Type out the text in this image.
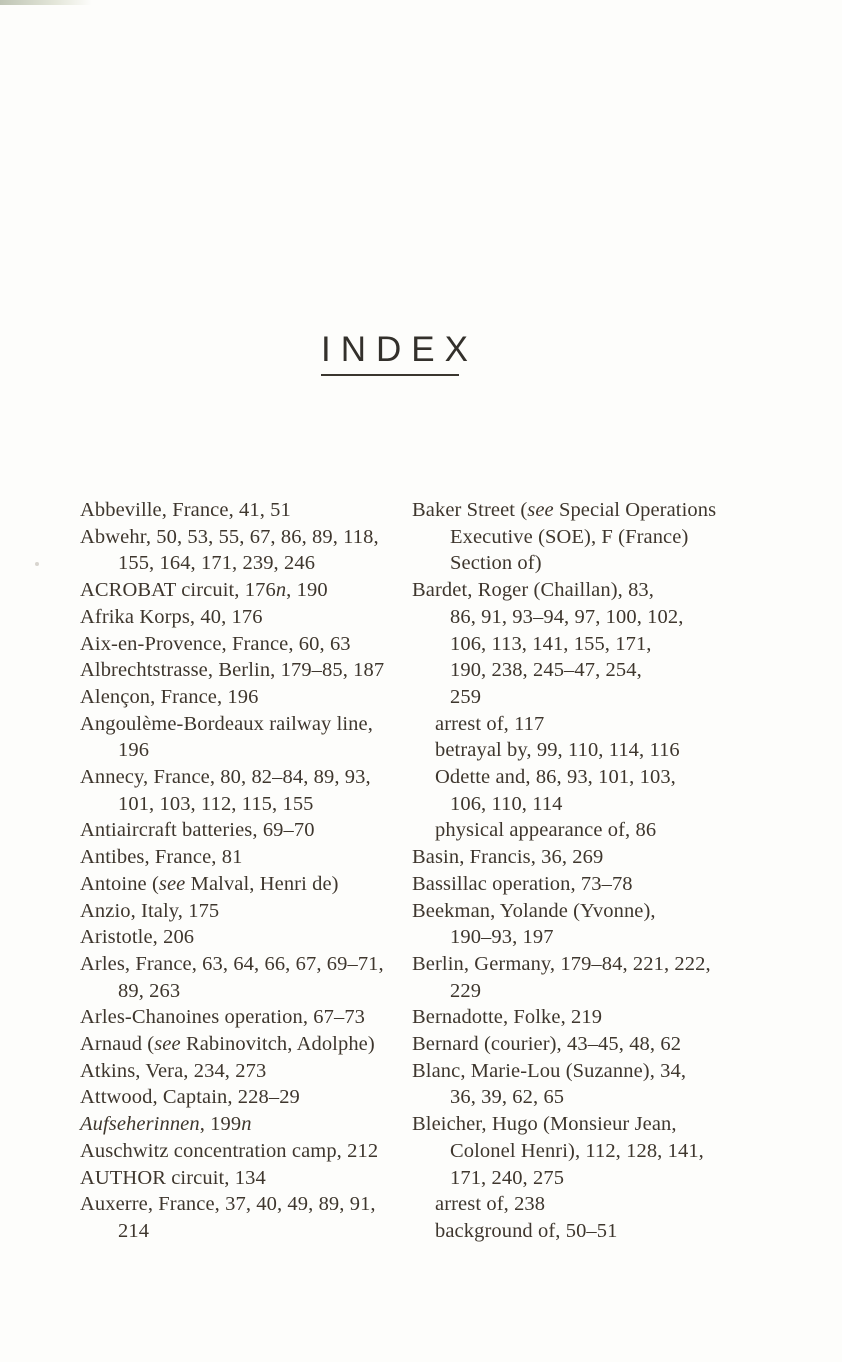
INDEX
Abbeville, France, 41, 51
Abwehr, 50, 53, 55, 67, 86, 89, 118,
155, 164, 171, 239, 246
ACROBAT circuit, 176n, 190
Afrika Korps, 40, 176
Aix-en-Provence, France, 60, 63
Albrechtstrasse, Berlin, 179–85, 187
Alençon, France, 196
Angoulème-Bordeaux railway line,
196
Annecy, France, 80, 82–84, 89, 93,
101, 103, 112, 115, 155
Antiaircraft batteries, 69–70
Antibes, France, 81
Antoine (see Malval, Henri de)
Anzio, Italy, 175
Aristotle, 206
Arles, France, 63, 64, 66, 67, 69–71,
89, 263
Arles-Chanoines operation, 67–73
Arnaud (see Rabinovitch, Adolphe)
Atkins, Vera, 234, 273
Attwood, Captain, 228–29
Aufseherinnen, 199n
Auschwitz concentration camp, 212
AUTHOR circuit, 134
Auxerre, France, 37, 40, 49, 89, 91,
214
Baker Street (see Special Operations
Executive (SOE), F (France)
Section of)
Bardet, Roger (Chaillan), 83,
86, 91, 93–94, 97, 100, 102,
106, 113, 141, 155, 171,
190, 238, 245–47, 254,
259
arrest of, 117
betrayal by, 99, 110, 114, 116
Odette and, 86, 93, 101, 103,
106, 110, 114
physical appearance of, 86
Basin, Francis, 36, 269
Bassillac operation, 73–78
Beekman, Yolande (Yvonne),
190–93, 197
Berlin, Germany, 179–84, 221, 222,
229
Bernadotte, Folke, 219
Bernard (courier), 43–45, 48, 62
Blanc, Marie-Lou (Suzanne), 34,
36, 39, 62, 65
Bleicher, Hugo (Monsieur Jean,
Colonel Henri), 112, 128, 141,
171, 240, 275
arrest of, 238
background of, 50–51
